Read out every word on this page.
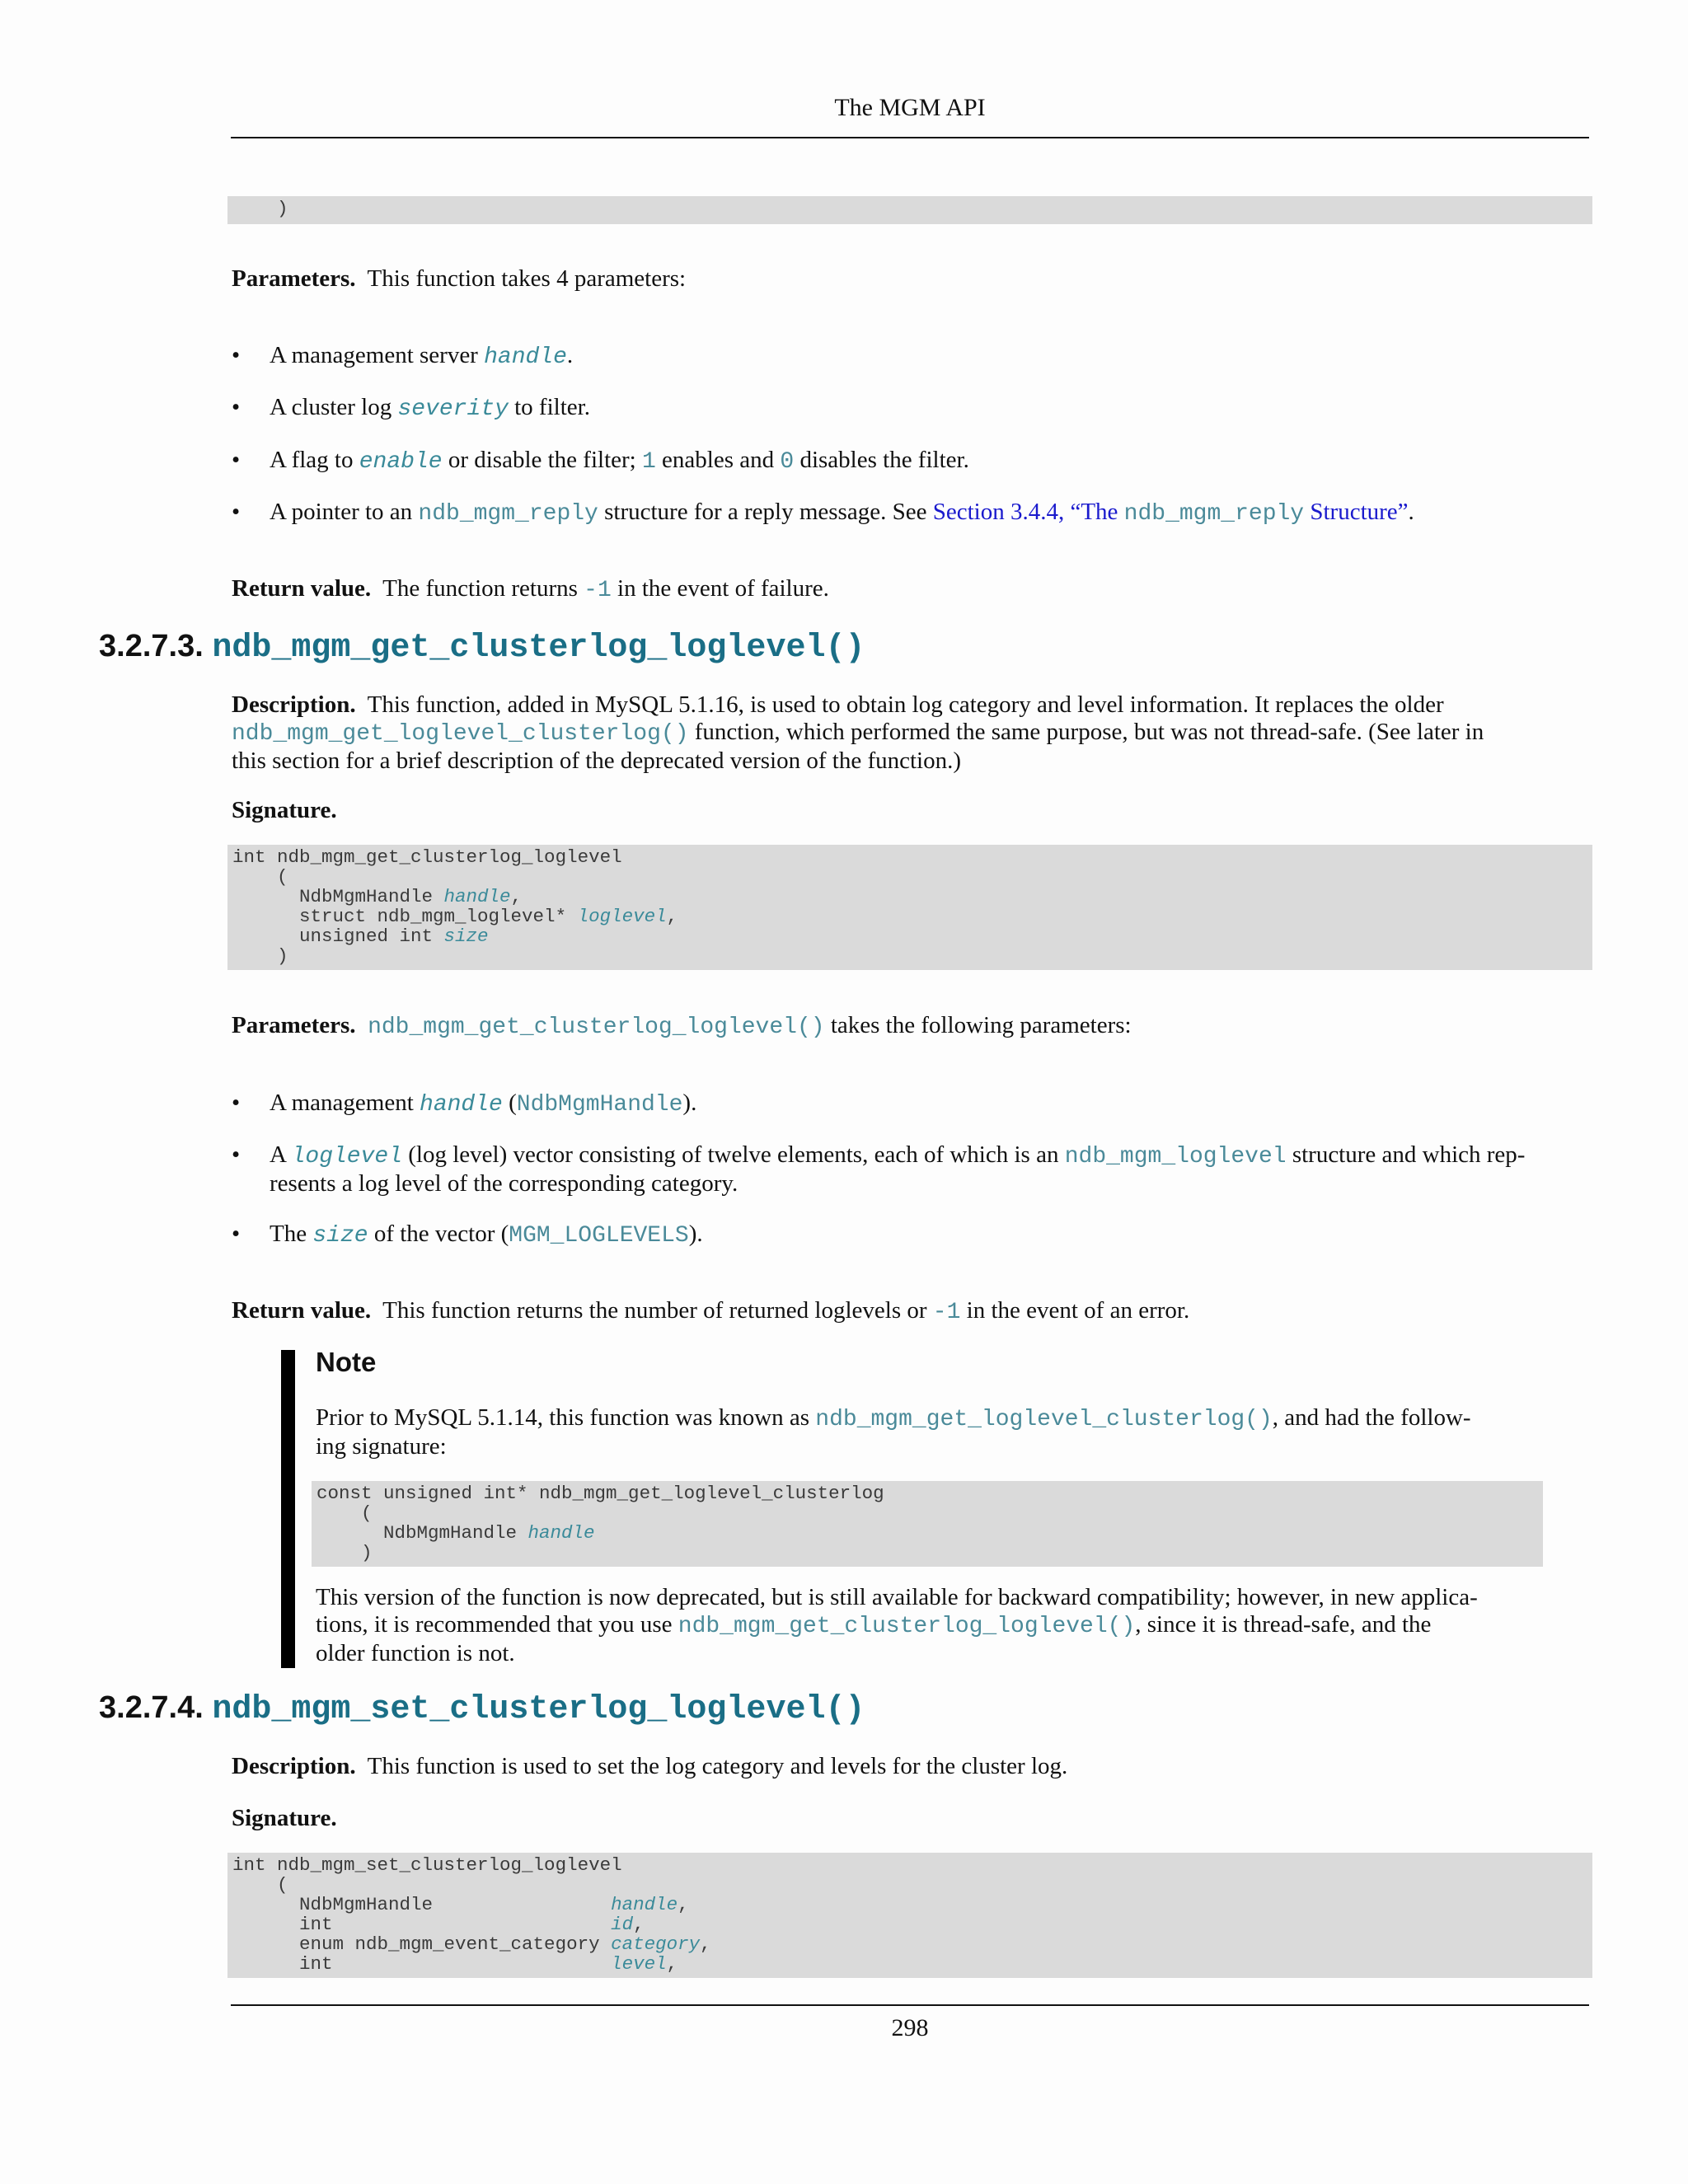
The MGM API
)
Parameters. This function takes 4 parameters:
• A management server handle.
• A cluster log severity to filter.
• A flag to enable or disable the filter; 1 enables and 0 disables the filter.
• A pointer to an ndb_mgm_reply structure for a reply message. See Section 3.4.4, “The ndb_mgm_reply Structure”.
Return value. The function returns -1 in the event of failure.
3.2.7.3. ndb_mgm_get_clusterlog_loglevel()
Description. This function, added in MySQL 5.1.16, is used to obtain log category and level information. It replaces the older
ndb_mgm_get_loglevel_clusterlog() function, which performed the same purpose, but was not thread-safe. (See later in
this section for a brief description of the deprecated version of the function.)
Signature.
int ndb_mgm_get_clusterlog_loglevel
(
NdbMgmHandle handle,
struct ndb_mgm_loglevel* loglevel,
unsigned int size
)
Parameters. ndb_mgm_get_clusterlog_loglevel() takes the following parameters:
• A management handle (NdbMgmHandle).
• A loglevel (log level) vector consisting of twelve elements, each of which is an ndb_mgm_loglevel structure and which rep-
resents a log level of the corresponding category.
• The size of the vector (MGM_LOGLEVELS).
Return value. This function returns the number of returned loglevels or -1 in the event of an error.
Note
Prior to MySQL 5.1.14, this function was known as ndb_mgm_get_loglevel_clusterlog(), and had the follow-
ing signature:
const unsigned int* ndb_mgm_get_loglevel_clusterlog
(
NdbMgmHandle handle
)
This version of the function is now deprecated, but is still available for backward compatibility; however, in new applica-
tions, it is recommended that you use ndb_mgm_get_clusterlog_loglevel(), since it is thread-safe, and the
older function is not.
3.2.7.4. ndb_mgm_set_clusterlog_loglevel()
Description. This function is used to set the log category and levels for the cluster log.
Signature.
int ndb_mgm_set_clusterlog_loglevel
(
NdbMgmHandle                handle,
int                         id,
enum ndb_mgm_event_category category,
int                         level,
298
